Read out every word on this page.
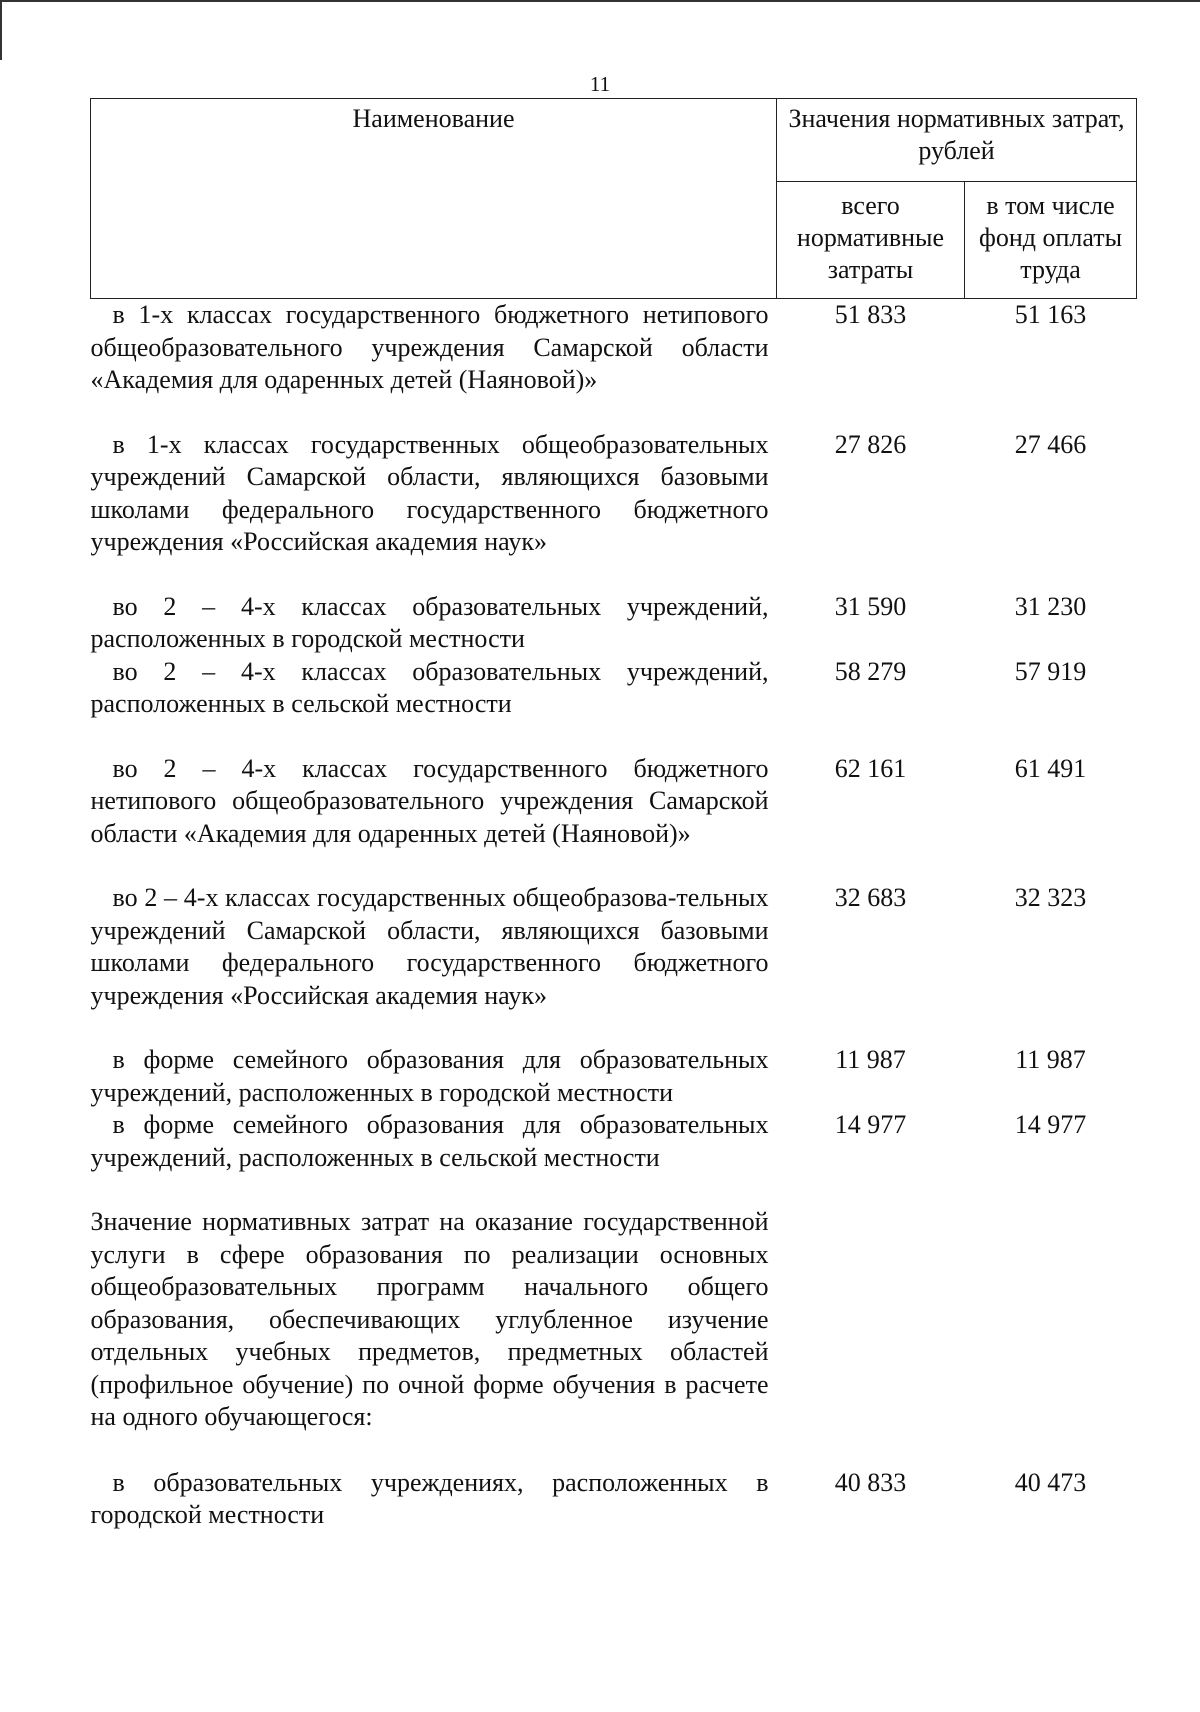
11
Наименование	Значения нормативных затрат, рублей	
	всего нормативные затраты	в том числе фонд оплаты труда
в 1-х классах государственного бюджетного нетипового общеобразовательного учреждения Самарской области «Академия для одаренных детей (Наяновой)»	51 833	51 163
в 1-х классах государственных общеобразовательных учреждений Самарской области, являющихся базовыми школами федерального государственного бюджетного учреждения «Российская академия наук»	27 826	27 466
во 2 – 4-х классах образовательных учреждений, расположенных в городской местности	31 590	31 230
во 2 – 4-х классах образовательных учреждений, расположенных в сельской местности	58 279	57 919
во 2 – 4-х классах государственного бюджетного нетипового общеобразовательного учреждения Самарской области «Академия для одаренных детей (Наяновой)»	62 161	61 491
во 2 – 4-х классах государственных общеобразова-тельных учреждений Самарской области, являющихся базовыми школами федерального государственного бюджетного учреждения «Российская академия наук»	32 683	32 323
в форме семейного образования для образовательных учреждений, расположенных в городской местности	11 987	11 987
в форме семейного образования для образовательных учреждений, расположенных в сельской местности	14 977	14 977
Значение нормативных затрат на оказание государственной услуги в сфере образования по реализации основных общеобразовательных программ начального общего образования, обеспечивающих углубленное изучение отдельных учебных предметов, предметных областей (профильное обучение) по очной форме обучения в расчете на одного обучающегося:		
в образовательных учреждениях, расположенных в городской местности	40 833	40 473
